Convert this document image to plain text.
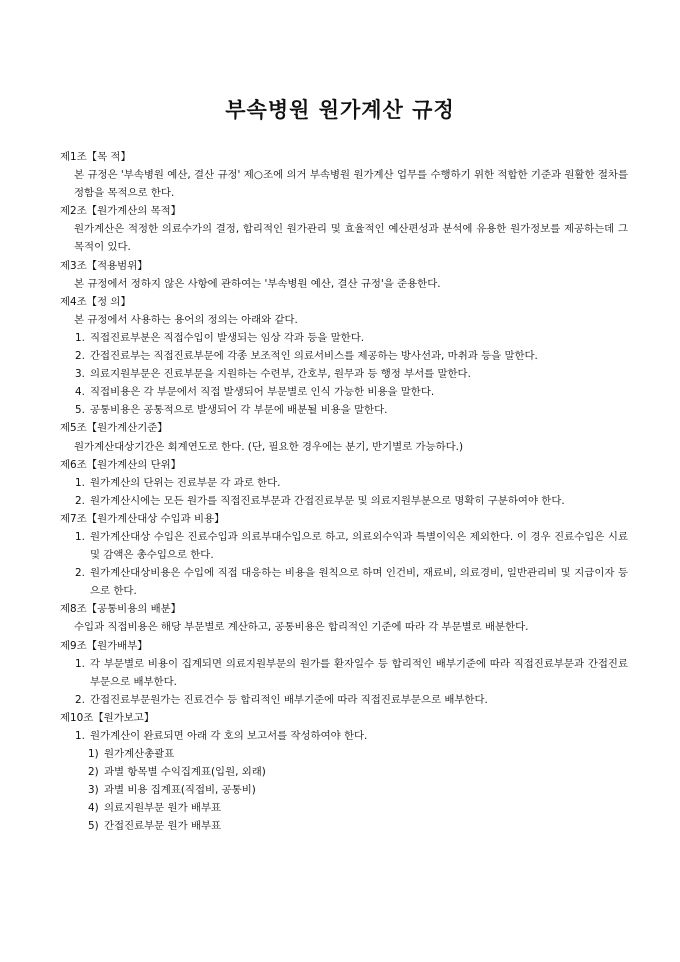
부속병원 원가계산 규정
제1조【목 적】
본 규정은 '부속병원 예산, 결산 규정' 제○조에 의거 부속병원 원가계산 업무를 수행하기 위한 적합한 기준과 원활한 절차를 정함을 목적으로 한다.
제2조【원가계산의 목적】
원가계산은 적정한 의료수가의 결정, 합리적인 원가관리 및 효율적인 예산편성과 분석에 유용한 원가정보를 제공하는데 그 목적이 있다.
제3조【적용범위】
본 규정에서 정하지 않은 사항에 관하여는 '부속병원 예산, 결산 규정'을 준용한다.
제4조【정 의】
본 규정에서 사용하는 용어의 정의는 아래와 같다.
1. 직접진료부분은 직접수입이 발생되는 임상 각과 등을 말한다.
2. 간접진료부는 직접진료부문에 각종 보조적인 의료서비스를 제공하는 방사선과, 마취과 등을 말한다.
3. 의료지원부문은 진료부문을 지원하는 수련부, 간호부, 원무과 등 행정 부서를 말한다.
4. 직접비용은 각 부문에서 직접 발생되어 부문별로 인식 가능한 비용을 말한다.
5. 공통비용은 공통적으로 발생되어 각 부문에 배분될 비용을 말한다.
제5조【원가계산기준】
원가계산대상기간은 회계연도로 한다. (단, 필요한 경우에는 분기, 반기별로 가능하다.)
제6조【원가계산의 단위】
1. 원가계산의 단위는 진료부문 각 과로 한다.
2. 원가계산시에는 모든 원가를 직접진료부문과 간접진료부문 및 의료지원부분으로 명확히 구분하여야 한다.
제7조【원가계산대상 수입과 비용】
1. 원가계산대상 수입은 진료수입과 의료부대수입으로 하고, 의료외수익과 특별이익은 제외한다. 이 경우 진료수입은 시료 및 감액은 총수입으로 한다.
2. 원가계산대상비용은 수입에 직접 대응하는 비용을 원칙으로 하며 인건비, 재료비, 의료경비, 일반관리비 및 지급이자 등으로 한다.
제8조【공통비용의 배분】
수입과 직접비용은 해당 부문별로 계산하고, 공통비용은 합리적인 기준에 따라 각 부문별로 배분한다.
제9조【원가배부】
1. 각 부문별로 비용이 집계되면 의료지원부문의 원가를 환자일수 등 합리적인 배부기준에 따라 직접진료부문과 간접진료부문으로 배부한다.
2. 간접진료부문원가는 진료건수 등 합리적인 배부기준에 따라 직접진료부문으로 배부한다.
제10조【원가보고】
1. 원가계산이 완료되면 아래 각 호의 보고서를 작성하여야 한다.
1) 원가계산총괄표
2) 과별 항목별 수익집계표(입원, 외래)
3) 과별 비용 집계표(직접비, 공통비)
4) 의료지원부문 원가 배부표
5) 간접진료부문 원가 배부표
